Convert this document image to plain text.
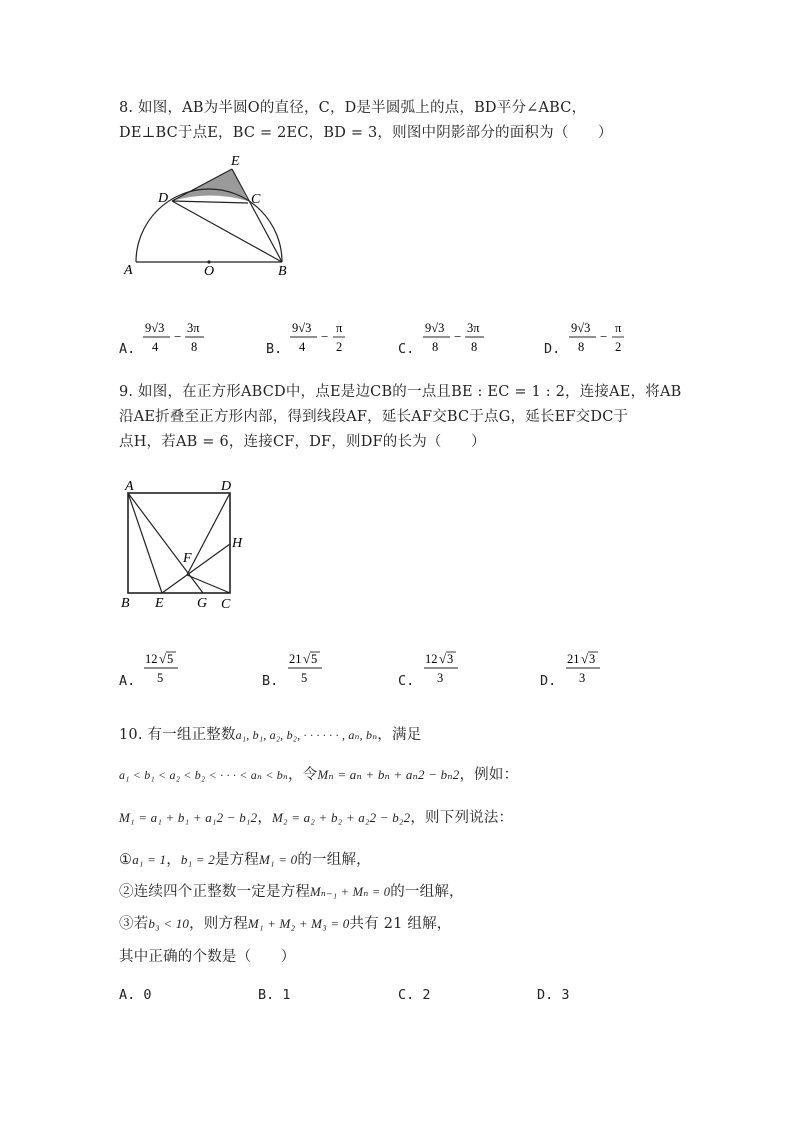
8. 如图，AB为半圆O的直径，C，D是半圆弧上的点，BD平分∠ABC，
DE⊥BC于点E，BC = 2EC，BD = 3，则图中阴影部分的面积为（　　）
E
D	C
A	O	B
A.
9√3
4
−
3π
8	B.
9√3
4
−
π
2	C.
9√3
8
−
3π
8	D.
9√3
8
−
π
2
9. 如图，在正方形ABCD中，点E是边CB的一点且BE : EC = 1 : 2，连接AE，将AB
沿AE折叠至正方形内部，得到线段AF，延长AF交BC于点G，延长EF交DC于
点H，若AB = 6，连接CF，DF，则DF的长为（　　）
A	D
H
F
B E G C
A.
12 √ 5
5	B.
21 √ 5
5	C.
12 √ 3
3	D.
21 √ 3
3
10. 有一组正整数a₁, b₁, a₂, b₂, · · · · · · , aₙ, bₙ，满足
a₁ < b₁ < a₂ < b₂ < · · · < aₙ < bₙ，令Mₙ = aₙ + bₙ + aₙ2 − bₙ2，例如：
M₁ = a₁ + b₁ + a₁2 − b₁2，M₂ = a₂ + b₂ + a₂2 − b₂2，则下列说法：
①a₁ = 1，b₁ = 2是方程M₁ = 0的一组解，
②连续四个正整数一定是方程Mₙ₋₁ + Mₙ = 0的一组解，
③若b₃ < 10，则方程M₁ + M₂ + M₃ = 0共有 21 组解，
其中正确的个数是（　　）
A. 0	B. 1	C. 2	D. 3
